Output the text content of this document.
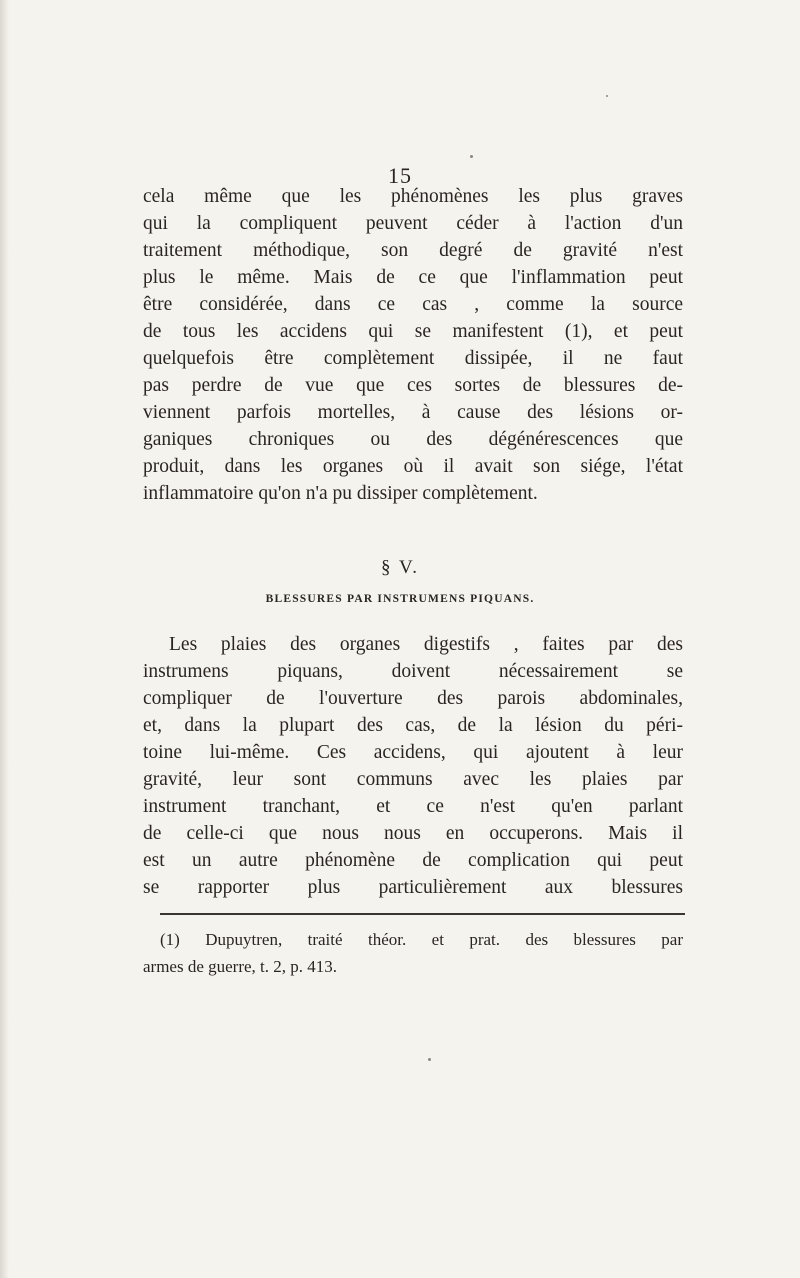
15

cela même que les phénomènes les plus graves
qui la compliquent peuvent céder à l'action d'un
traitement méthodique, son degré de gravité n'est
plus le même. Mais de ce que l'inflammation peut
être considérée, dans ce cas , comme la source
de tous les accidens qui se manifestent (1), et peut
quelquefois être complètement dissipée, il ne faut
pas perdre de vue que ces sortes de blessures de-
viennent parfois mortelles, à cause des lésions or-
ganiques chroniques ou des dégénérescences que
produit, dans les organes où il avait son siége, l'état
inflammatoire qu'on n'a pu dissiper complètement.

§ V.
BLESSURES PAR INSTRUMENS PIQUANS.

Les plaies des organes digestifs , faites par des
instrumens piquans, doivent nécessairement se
compliquer de l'ouverture des parois abdominales,
et, dans la plupart des cas, de la lésion du péri-
toine lui-même. Ces accidens, qui ajoutent à leur
gravité, leur sont communs avec les plaies par
instrument tranchant, et ce n'est qu'en parlant
de celle-ci que nous nous en occuperons. Mais il
est un autre phénomène de complication qui peut
se rapporter plus particulièrement aux blessures

(1) Dupuytren, traité théor. et prat. des blessures par
armes de guerre, t. 2, p. 413.
